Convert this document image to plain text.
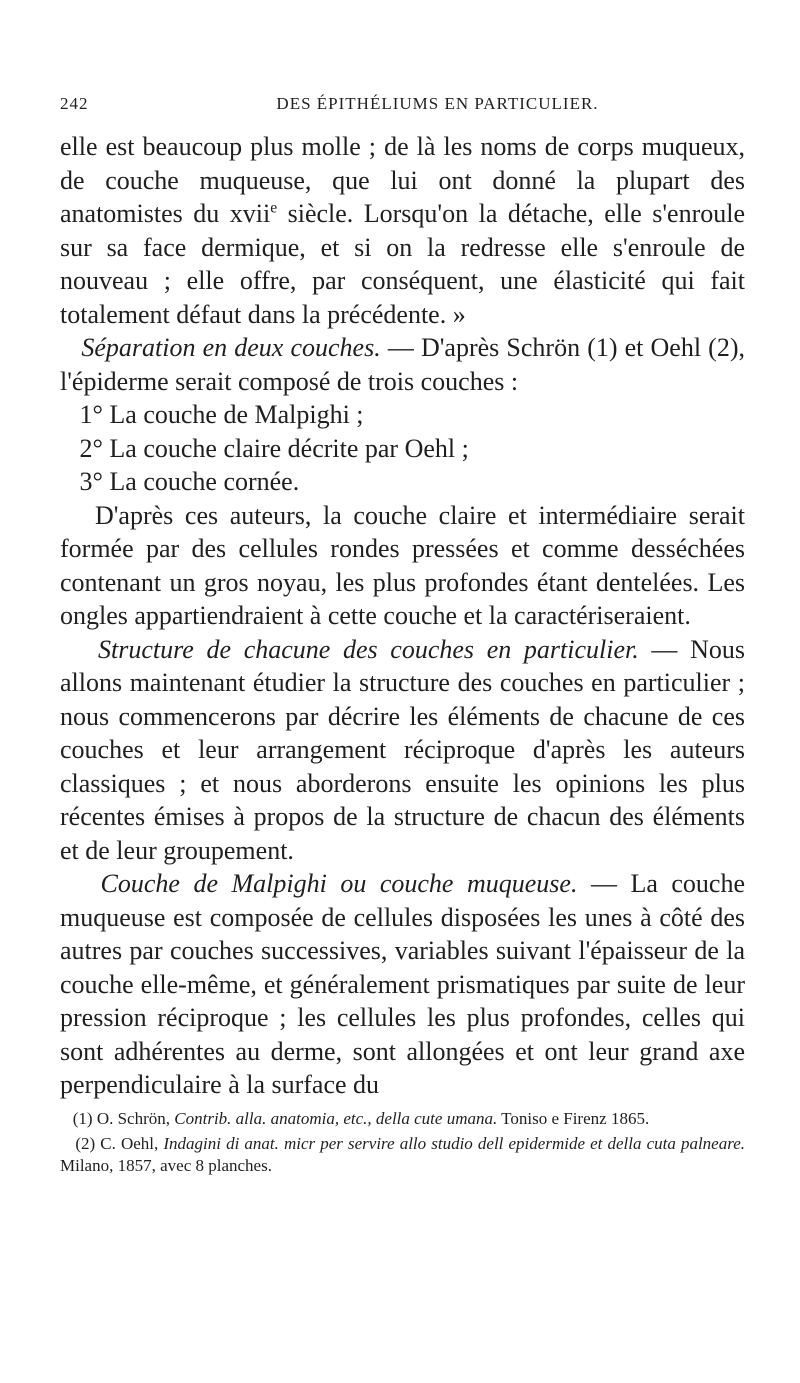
242	DES ÉPITHÉLIUMS EN PARTICULIER.

elle est beaucoup plus molle ; de là les noms de corps muqueux, de couche muqueuse, que lui ont donné la plupart des anatomistes du xvii$^e$ siècle. Lorsqu'on la détache, elle s'enroule sur sa face dermique, et si on la redresse elle s'enroule de nouveau ; elle offre, par conséquent, une élasticité qui fait totalement défaut dans la précédente. »

Séparation en deux couches. — D'après Schrön (1) et Oehl (2), l'épiderme serait composé de trois couches :

1° La couche de Malpighi ;

2° La couche claire décrite par Oehl ;

3° La couche cornée.

D'après ces auteurs, la couche claire et intermédiaire serait formée par des cellules rondes pressées et comme desséchées contenant un gros noyau, les plus profondes étant dentelées. Les ongles appartiendraient à cette couche et la caractériseraient.

Structure de chacune des couches en particulier. — Nous allons maintenant étudier la structure des couches en particulier ; nous commencerons par décrire les éléments de chacune de ces couches et leur arrangement réciproque d'après les auteurs classiques ; et nous aborderons ensuite les opinions les plus récentes émises à propos de la structure de chacun des éléments et de leur groupement.

Couche de Malpighi ou couche muqueuse. — La couche muqueuse est composée de cellules disposées les unes à côté des autres par couches successives, variables suivant l'épaisseur de la couche elle-même, et généralement prismatiques par suite de leur pression réciproque ; les cellules les plus profondes, celles qui sont adhérentes au derme, sont allongées et ont leur grand axe perpendiculaire à la surface du

(1) O. Schrön, Contrib. alla. anatomia, etc., della cute umana. Toniso e Firenz 1865.

(2) C. Oehl, Indagini di anat. micr per servire allo studio dell epidermide et della cuta palneare. Milano, 1857, avec 8 planches.
